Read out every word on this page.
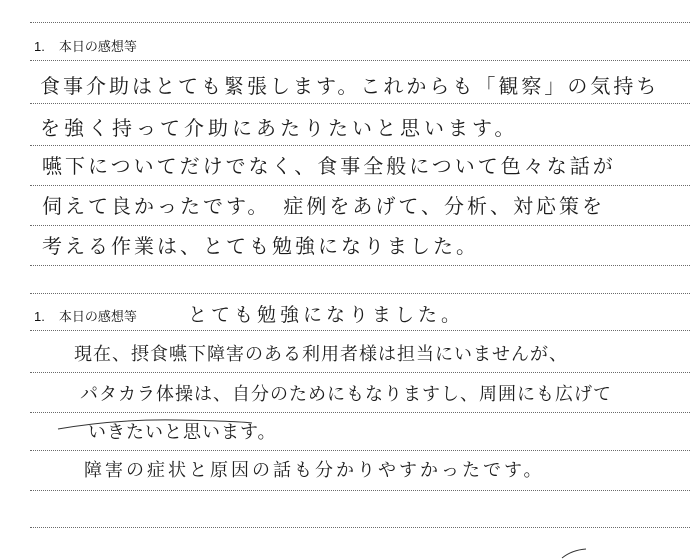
1. 本日の感想等
食事介助はとても緊張します。これからも「観察」の気持ち
を強く持って介助にあたりたいと思います。
嚥下についてだけでなく、食事全般について色々な話が
伺えて良かったです。　症例をあげて、分析、対応策を
考える作業は、とても勉強になりました。
1. 本日の感想等	とても勉強になりました。
現在、摂食嚥下障害のある利用者様は担当にいませんが、
パタカラ体操は、自分のためにもなりますし、周囲にも広げて
いきたいと思います。
障害の症状と原因の話も分かりやすかったです。
